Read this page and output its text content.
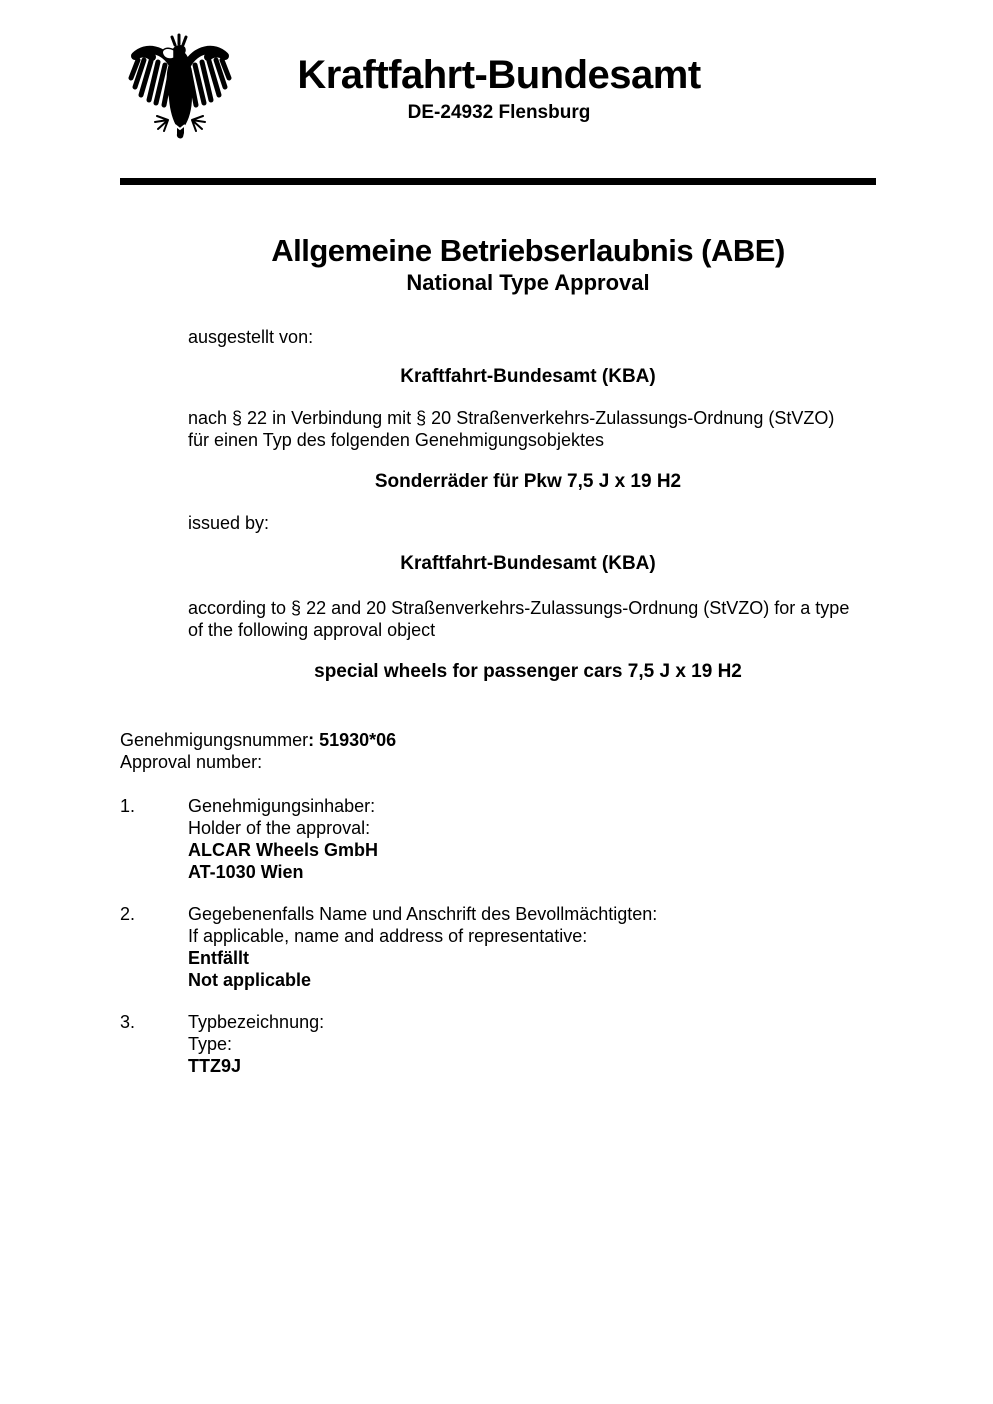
Kraftfahrt-Bundesamt
DE-24932 Flensburg
Allgemeine Betriebserlaubnis (ABE)
National Type Approval
ausgestellt von:
Kraftfahrt-Bundesamt (KBA)
nach § 22 in Verbindung mit § 20 Straßenverkehrs-Zulassungs-Ordnung (StVZO)
für einen Typ des folgenden Genehmigungsobjektes
Sonderräder für Pkw 7,5 J x 19 H2
issued by:
Kraftfahrt-Bundesamt (KBA)
according to § 22 and 20 Straßenverkehrs-Zulassungs-Ordnung (StVZO) for a type
of the following approval object
special wheels for passenger cars 7,5 J x 19 H2
Genehmigungsnummer: 51930*06
Approval number:
1.	Genehmigungsinhaber:
Holder of the approval:
ALCAR Wheels GmbH
AT-1030 Wien
2.	Gegebenenfalls Name und Anschrift des Bevollmächtigten:
If applicable, name and address of representative:
Entfällt
Not applicable
3.	Typbezeichnung:
Type:
TTZ9J
